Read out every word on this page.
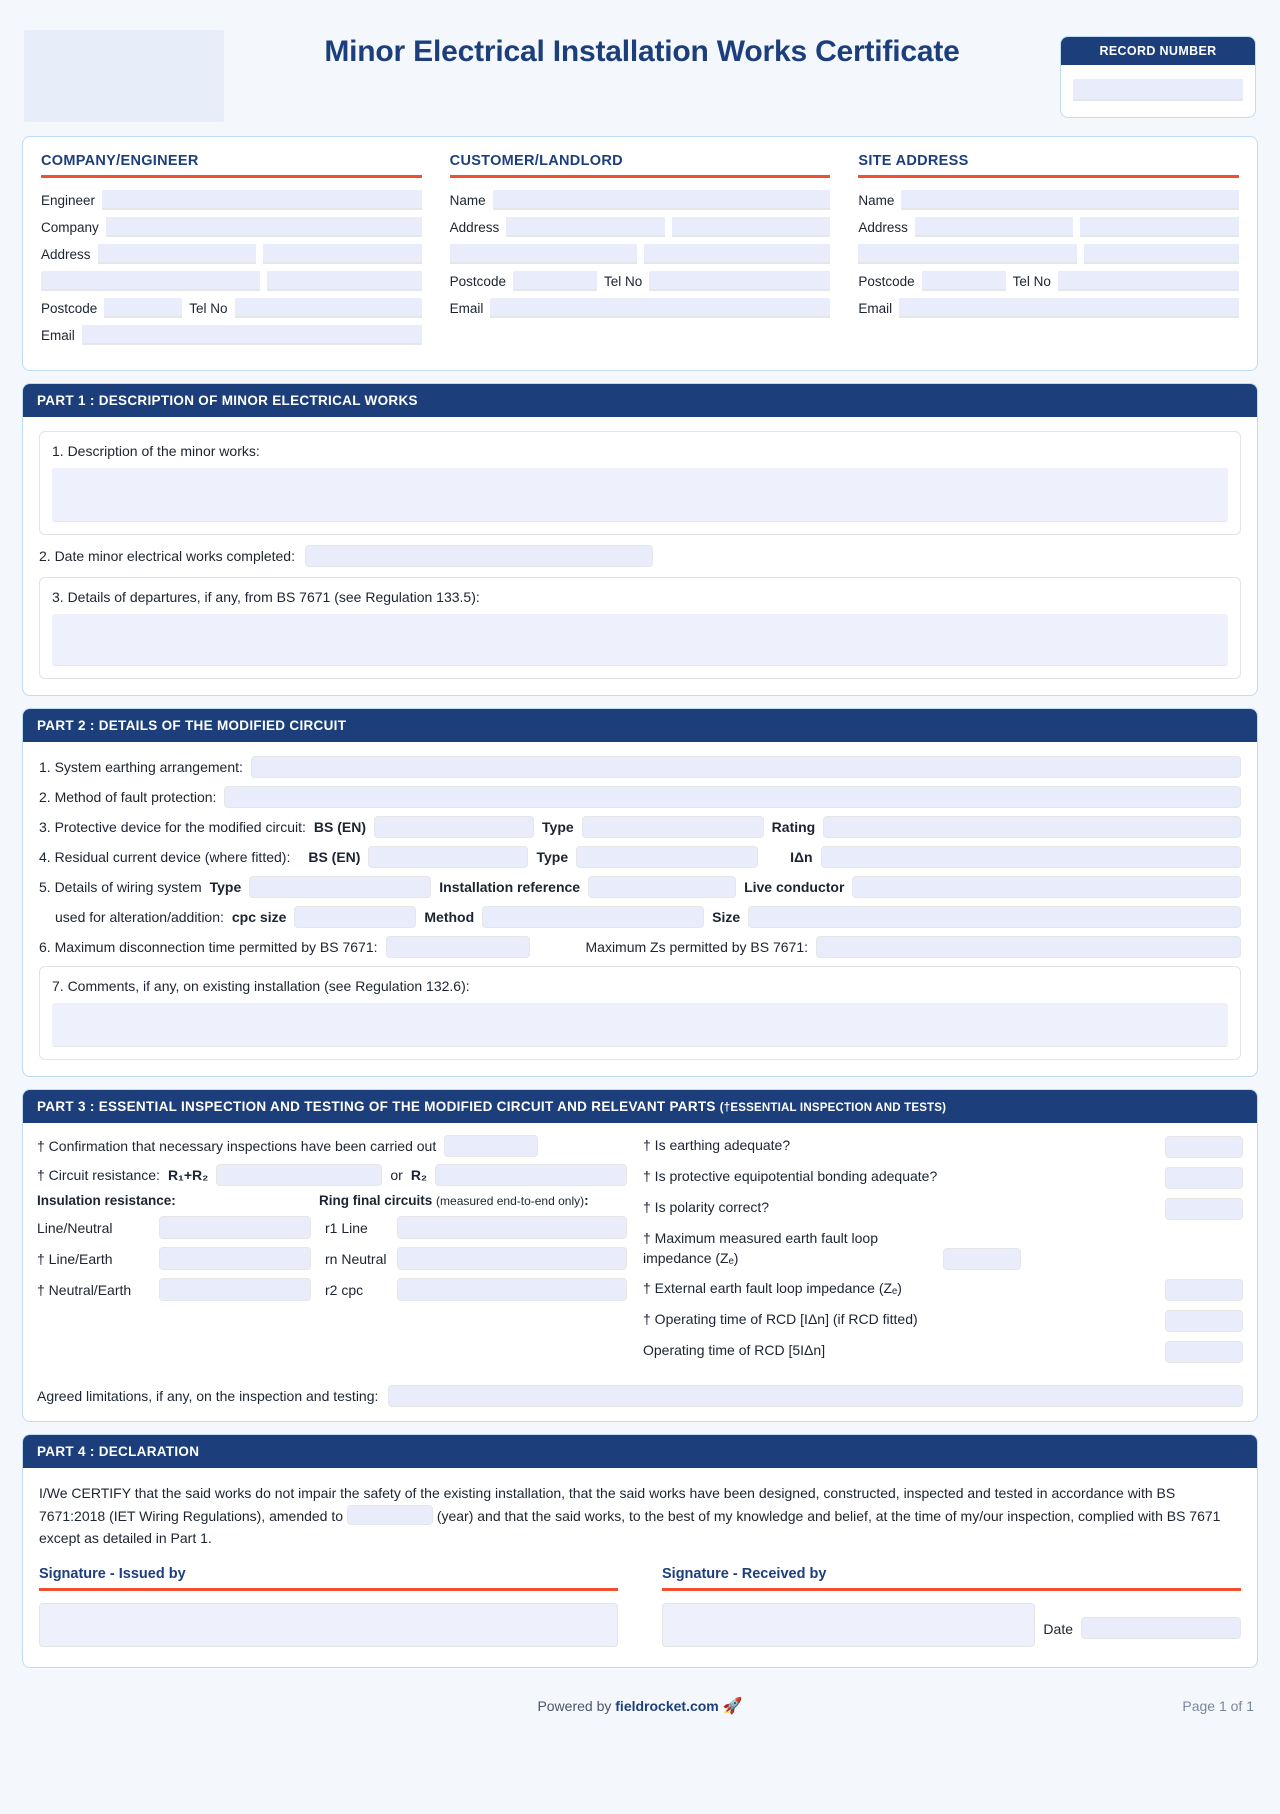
Minor Electrical Installation Works Certificate	RECORD NUMBER
COMPANY/ENGINEER
Engineer
Company
Address
Postcode	Tel No
Email
CUSTOMER/LANDLORD
Name
Address
Postcode	Tel No
Email
SITE ADDRESS
Name
Address
Postcode	Tel No
Email
PART 1 : DESCRIPTION OF MINOR ELECTRICAL WORKS
1. Description of the minor works:
2. Date minor electrical works completed:
3. Details of departures, if any, from BS 7671 (see Regulation 133.5):
PART 2 : DETAILS OF THE MODIFIED CIRCUIT
1. System earthing arrangement:
2. Method of fault protection:
3. Protective device for the modified circuit: BS (EN)	Type	Rating
4. Residual current device (where fitted): BS (EN)	Type	IΔn
5. Details of wiring system Type	Installation reference	Live conductor
used for alteration/addition: cpc size	Method	Size
6. Maximum disconnection time permitted by BS 7671:	Maximum Zs permitted by BS 7671:
7. Comments, if any, on existing installation (see Regulation 132.6):
PART 3 : ESSENTIAL INSPECTION AND TESTING OF THE MODIFIED CIRCUIT AND RELEVANT PARTS (†ESSENTIAL INSPECTION AND TESTS)
† Confirmation that necessary inspections have been carried out
† Circuit resistance: R₁+R₂	or R₂
Insulation resistance:	Ring final circuits (measured end-to-end only):
Line/Neutral	r1 Line
† Line/Earth	rn Neutral
† Neutral/Earth	r2 cpc
† Is earthing adequate?
† Is protective equipotential bonding adequate?
† Is polarity correct?
† Maximum measured earth fault loop impedance (Zₑ)
† External earth fault loop impedance (Zₑ)
† Operating time of RCD [IΔn] (if RCD fitted)
Operating time of RCD [5IΔn]
Agreed limitations, if any, on the inspection and testing:
PART 4 : DECLARATION
I/We CERTIFY that the said works do not impair the safety of the existing installation, that the said works have been designed, constructed, inspected and tested in accordance with BS 7671:2018 (IET Wiring Regulations), amended to	(year) and that the said works, to the best of my knowledge and belief, at the time of my/our inspection, complied with BS 7671 except as detailed in Part 1.
Signature - Issued by	Signature - Received by
Date
Powered by fieldrocket.com 🚀	Page 1 of 1
